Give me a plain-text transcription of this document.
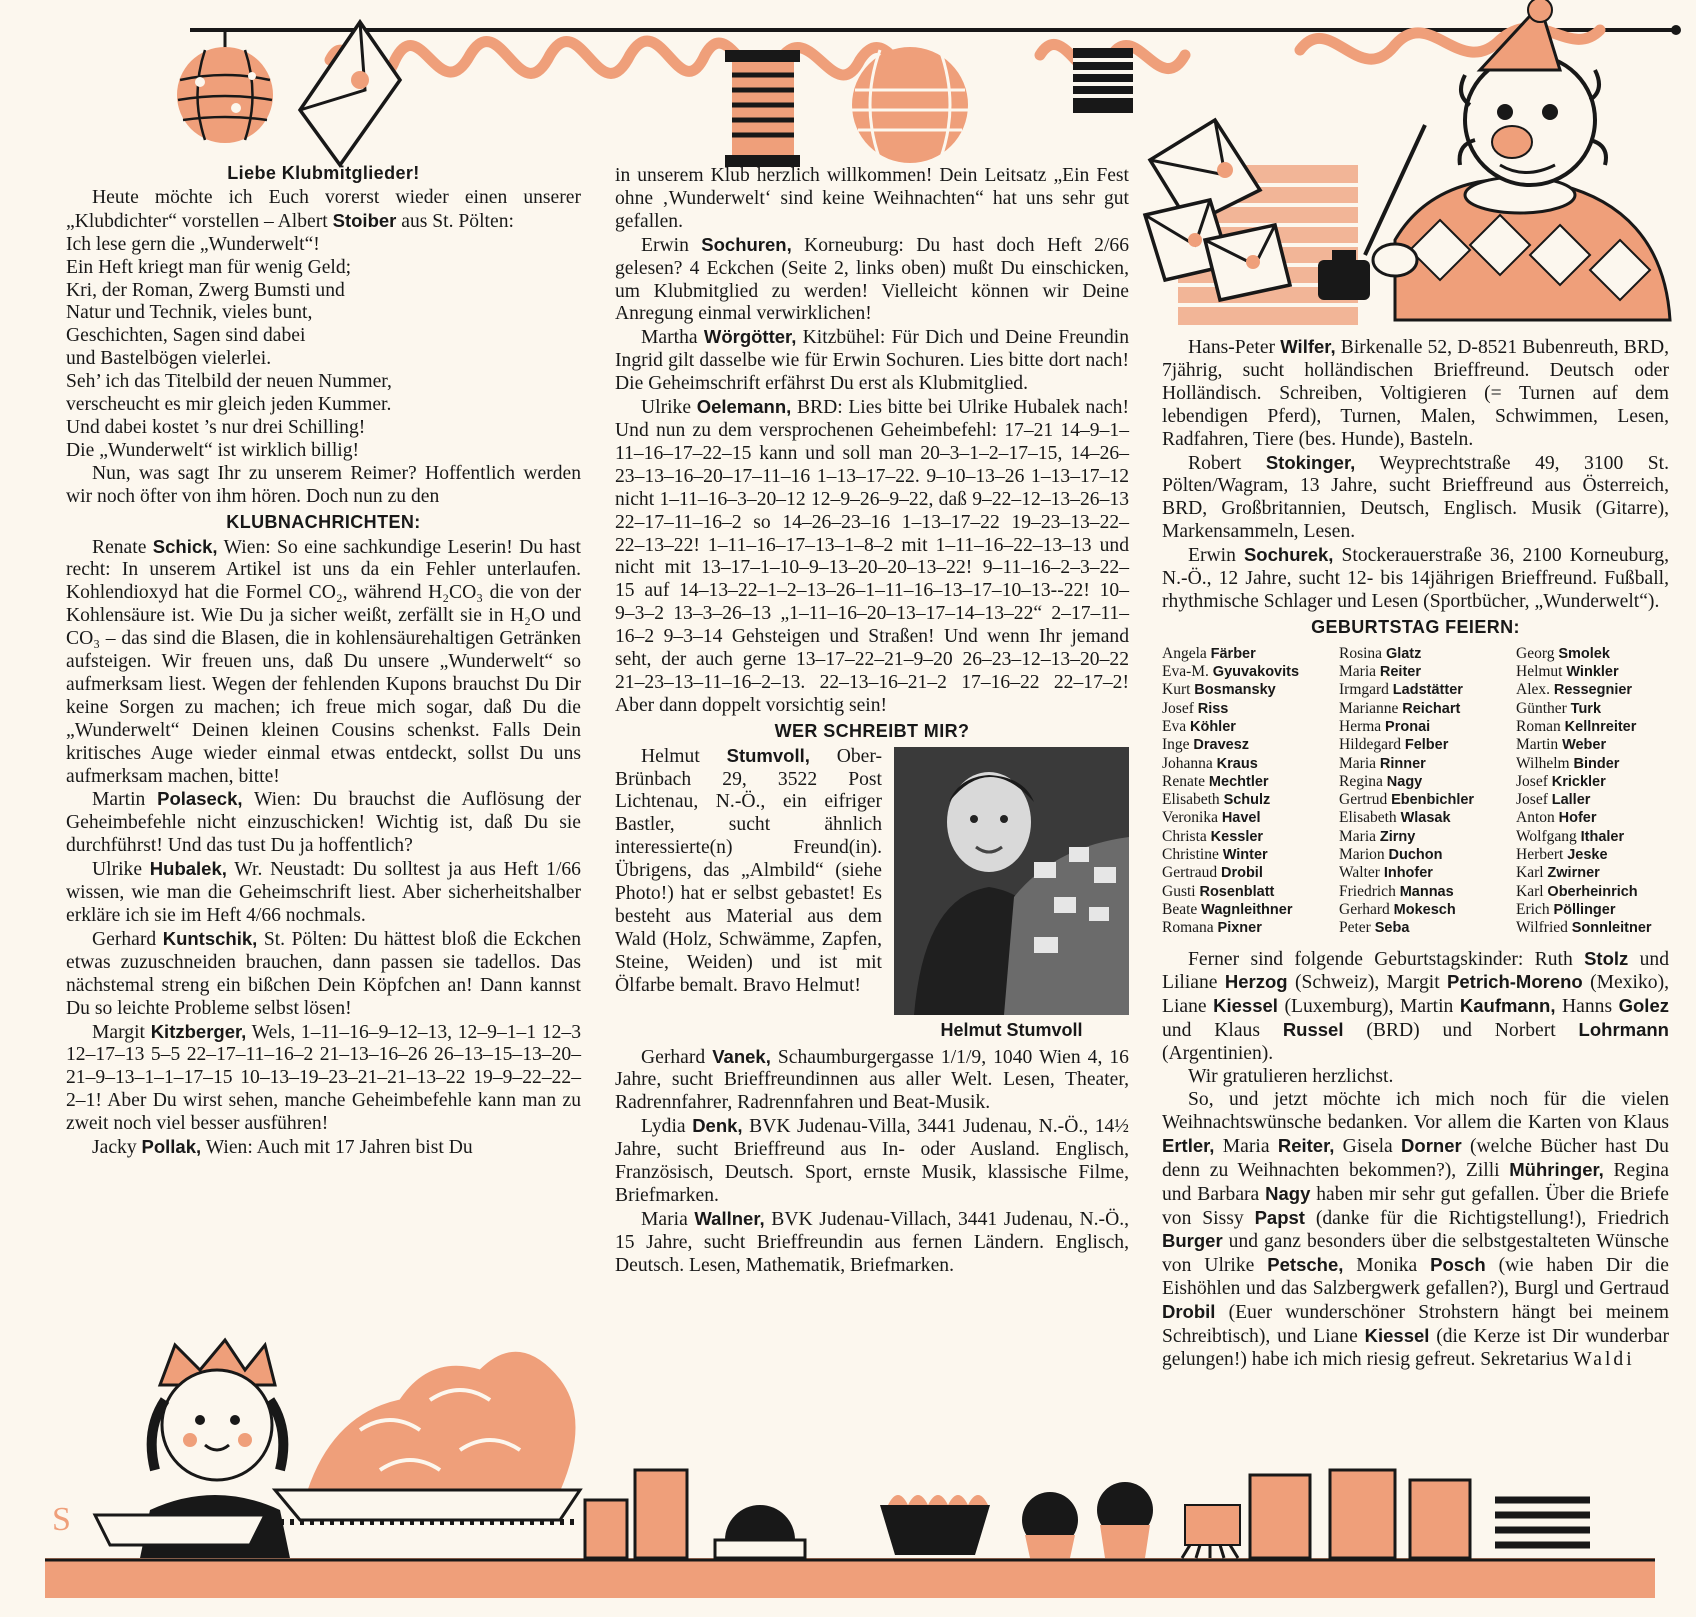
S
Liebe Klubmitglieder!

Heute möchte ich Euch vorerst wieder einen unserer „Klubdichter“ vorstellen – Albert Stoiber aus St. Pölten:

Ich lese gern die „Wunderwelt“!
Ein Heft kriegt man für wenig Geld;
Kri, der Roman, Zwerg Bumsti und
Natur und Technik, vieles bunt,
Geschichten, Sagen sind dabei
und Bastelbögen vielerlei.
Seh’ ich das Titelbild der neuen Nummer,
verscheucht es mir gleich jeden Kummer.
Und dabei kostet ’s nur drei Schilling!
Die „Wunderwelt“ ist wirklich billig!

Nun, was sagt Ihr zu unserem Reimer? Hoffentlich werden wir noch öfter von ihm hören. Doch nun zu den

KLUBNACHRICHTEN:

Renate Schick, Wien: So eine sachkundige Leserin! Du hast recht: In unserem Artikel ist uns da ein Fehler unterlaufen. Kohlendioxyd hat die Formel CO₂, während H₂CO₃ die von der Kohlensäure ist. Wie Du ja sicher weißt, zerfällt sie in H₂O und CO₃ – das sind die Blasen, die in kohlensäurehaltigen Getränken aufsteigen. Wir freuen uns, daß Du unsere „Wunderwelt“ so aufmerksam liest. Wegen der fehlenden Kupons brauchst Du Dir keine Sorgen zu machen; ich freue mich sogar, daß Du die „Wunderwelt“ Deinen kleinen Cousins schenkst. Falls Dein kritisches Auge wieder einmal etwas entdeckt, sollst Du uns aufmerksam machen, bitte!

Martin Polaseck, Wien: Du brauchst die Auflösung der Geheimbefehle nicht einzuschicken! Wichtig ist, daß Du sie durchführst! Und das tust Du ja hoffentlich?

Ulrike Hubalek, Wr. Neustadt: Du solltest ja aus Heft 1/66 wissen, wie man die Geheimschrift liest. Aber sicherheitshalber erkläre ich sie im Heft 4/66 nochmals.

Gerhard Kuntschik, St. Pölten: Du hättest bloß die Eckchen etwas zuzuschneiden brauchen, dann passen sie tadellos. Das nächstemal streng ein bißchen Dein Köpfchen an! Dann kannst Du so leichte Probleme selbst lösen!

Margit Kitzberger, Wels, 1–11–16–9–12–13, 12–9–1–1 12–3 12–17–13 5–5 22–17–11–16–2 21–13–16–26 26–13–15–13–20–21–9–13–1–1–17–15 10–13–19–23–21–21–13–22 19–9–22–22–2–1! Aber Du wirst sehen, manche Geheimbefehle kann man zu zweit noch viel besser ausführen!

Jacky Pollak, Wien: Auch mit 17 Jahren bist Du

in unserem Klub herzlich willkommen! Dein Leitsatz „Ein Fest ohne ‚Wunderwelt‘ sind keine Weihnachten“ hat uns sehr gut gefallen.

Erwin Sochuren, Korneuburg: Du hast doch Heft 2/66 gelesen? 4 Eckchen (Seite 2, links oben) mußt Du einschicken, um Klubmitglied zu werden! Vielleicht können wir Deine Anregung einmal verwirklichen!

Martha Wörgötter, Kitzbühel: Für Dich und Deine Freundin Ingrid gilt dasselbe wie für Erwin Sochuren. Lies bitte dort nach! Die Geheimschrift erfährst Du erst als Klubmitglied.

Ulrike Oelemann, BRD: Lies bitte bei Ulrike Hubalek nach! Und nun zu dem versprochenen Geheimbefehl: 17–21 14–9–1–11–16–17–22–15 kann und soll man 20–3–1–2–17–15, 14–26–23–13–16–20–17–11–16 1–13–17–22. 9–10–13–26 1–13–17–12 nicht 1–11–16–3–20–12 12–9–26–9–22, daß 9–22–12–13–26–13 22–17–11–16–2 so 14–26–23–16 1–13–17–22 19–23–13–22–22–13–22! 1–11–16–17–13–1–8–2 mit 1–11–16–22–13–13 und nicht mit 13–17–1–10–9–13–20–20–13–22! 9–11–16–2–3–22–15 auf 14–13–22–1–2–13–26–1–11–16–13–17–10–13--22! 10–9–3–2 13–3–26–13 „1–11–16–20–13–17–14–13–22“ 2–17–11–16–2 9–3–14 Gehsteigen und Straßen! Und wenn Ihr jemand seht, der auch gerne 13–17–22–21–9–20 26–23–12–13–20–22 21–23–13–11–16–2–13. 22–13–16–21–2 17–16–22 22–17–2! Aber dann doppelt vorsichtig sein!

WER SCHREIBT MIR?
Helmut Stumvoll

Helmut Stumvoll, Ober-Brünbach 29, 3522 Post Lichtenau, N.-Ö., ein eifriger Bastler, sucht ähnlich interessierte(n) Freund(in). Übrigens, das „Almbild“ (siehe Photo!) hat er selbst gebastet! Es besteht aus Material aus dem Wald (Holz, Schwämme, Zapfen, Steine, Weiden) und ist mit Ölfarbe bemalt. Bravo Helmut!

Gerhard Vanek, Schaumburgergasse 1/1/9, 1040 Wien 4, 16 Jahre, sucht Brieffreundinnen aus aller Welt. Lesen, Theater, Radrennfahrer, Radrennfahren und Beat-Musik.

Lydia Denk, BVK Judenau-Villa, 3441 Judenau, N.-Ö., 14½ Jahre, sucht Brieffreund aus In- oder Ausland. Englisch, Französisch, Deutsch. Sport, ernste Musik, klassische Filme, Briefmarken.

Maria Wallner, BVK Judenau-Villach, 3441 Judenau, N.-Ö., 15 Jahre, sucht Brieffreundin aus fernen Ländern. Englisch, Deutsch. Lesen, Mathematik, Briefmarken.

Hans-Peter Wilfer, Birkenalle 52, D-8521 Bubenreuth, BRD, 7jährig, sucht holländischen Brieffreund. Deutsch oder Holländisch. Schreiben, Voltigieren (= Turnen auf dem lebendigen Pferd), Turnen, Malen, Schwimmen, Lesen, Radfahren, Tiere (bes. Hunde), Basteln.

Robert Stokinger, Weyprechtstraße 49, 3100 St. Pölten/Wagram, 13 Jahre, sucht Brieffreund aus Österreich, BRD, Großbritannien, Deutsch, Englisch. Musik (Gitarre), Markensammeln, Lesen.

Erwin Sochurek, Stockerauerstraße 36, 2100 Korneuburg, N.-Ö., 12 Jahre, sucht 12- bis 14jährigen Brieffreund. Fußball, rhythmische Schlager und Lesen (Sportbücher, „Wunderwelt“).

GEBURTSTAG FEIERN:
Angela Färber	Rosina Glatz	Georg Smolek
Eva-M. Gyuvakovits	Maria Reiter	Helmut Winkler
Kurt Bosmansky	Irmgard Ladstätter	Alex. Ressegnier
Josef Riss	Marianne Reichart	Günther Turk
Eva Köhler	Herma Pronai	Roman Kellnreiter
Inge Dravesz	Hildegard Felber	Martin Weber
Johanna Kraus	Maria Rinner	Wilhelm Binder
Renate Mechtler	Regina Nagy	Josef Krickler
Elisabeth Schulz	Gertrud Ebenbichler	Josef Laller
Veronika Havel	Elisabeth Wlasak	Anton Hofer
Christa Kessler	Maria Zirny	Wolfgang Ithaler
Christine Winter	Marion Duchon	Herbert Jeske
Gertraud Drobil	Walter Inhofer	Karl Zwirner
Gusti Rosenblatt	Friedrich Mannas	Karl Oberheinrich
Beate Wagnleithner	Gerhard Mokesch	Erich Pöllinger
Romana Pixner	Peter Seba	Wilfried Sonnleitner

Ferner sind folgende Geburtstagskinder: Ruth Stolz und Liliane Herzog (Schweiz), Margit Petrich-Moreno (Mexiko), Liane Kiessel (Luxemburg), Martin Kaufmann, Hanns Golez und Klaus Russel (BRD) und Norbert Lohrmann (Argentinien).

Wir gratulieren herzlichst.

So, und jetzt möchte ich mich noch für die vielen Weihnachtswünsche bedanken. Vor allem die Karten von Klaus Ertler, Maria Reiter, Gisela Dorner (welche Bücher hast Du denn zu Weihnachten bekommen?), Zilli Mühringer, Regina und Barbara Nagy haben mir sehr gut gefallen. Über die Briefe von Sissy Papst (danke für die Richtigstellung!), Friedrich Burger und ganz besonders über die selbstgestalteten Wünsche von Ulrike Petsche, Monika Posch (wie haben Dir die Eishöhlen und das Salzbergwerk gefallen?), Burgl und Gertraud Drobil (Euer wunderschöner Strohstern hängt bei meinem Schreibtisch), und Liane Kiessel (die Kerze ist Dir wunderbar gelungen!) habe ich mich riesig gefreut. Sekretarius Waldi
